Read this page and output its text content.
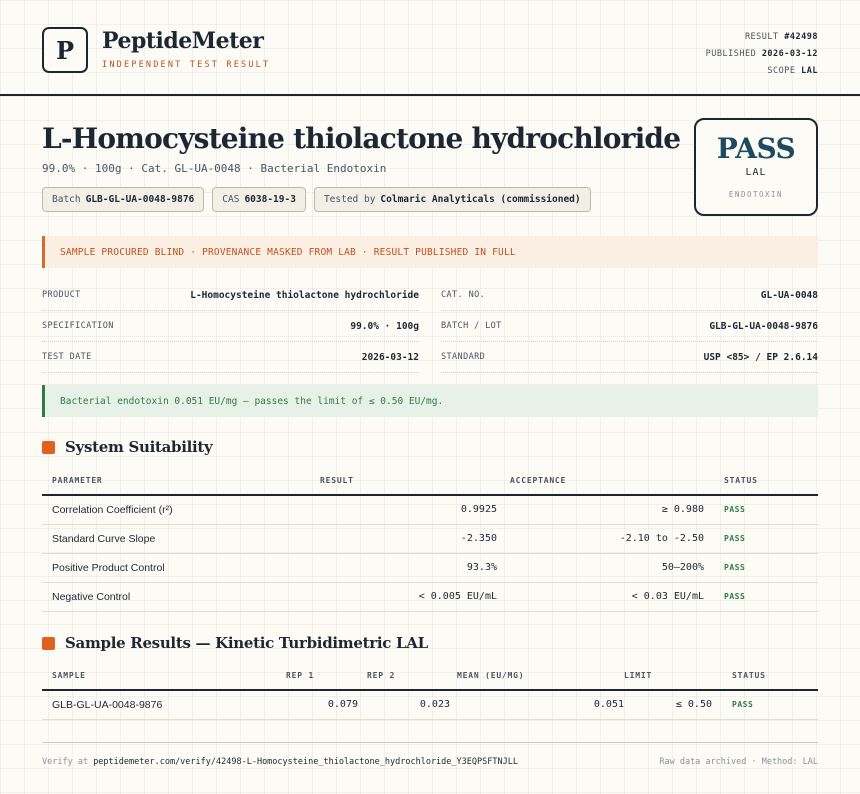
P PeptideMeter
INDEPENDENT TEST RESULT
RESULT #42498
PUBLISHED 2026-03-12
SCOPE LAL
L-Homocysteine thiolactone hydrochloride
99.0% · 100g · Cat. GL-UA-0048 · Bacterial Endotoxin
Batch GLB-GL-UA-0048-9876	CAS 6038-19-3	Tested by Colmaric Analyticals (commissioned)
PASS
LAL
ENDOTOXIN
SAMPLE PROCURED BLIND · PROVENANCE MASKED FROM LAB · RESULT PUBLISHED IN FULL
PRODUCT	L-Homocysteine thiolactone hydrochloride
SPECIFICATION	99.0% · 100g
TEST DATE	2026-03-12
CAT. NO.	GL-UA-0048
BATCH / LOT	GLB-GL-UA-0048-9876
STANDARD	USP <85> / EP 2.6.14
Bacterial endotoxin 0.051 EU/mg — passes the limit of ≤ 0.50 EU/mg.
System Suitability
PARAMETER	RESULT	ACCEPTANCE	STATUS
Correlation Coefficient (r²)	0.9925	≥ 0.980	PASS
Standard Curve Slope	-2.350	-2.10 to -2.50	PASS
Positive Product Control	93.3%	50–200%	PASS
Negative Control	< 0.005 EU/mL	< 0.03 EU/mL	PASS
Sample Results — Kinetic Turbidimetric LAL
SAMPLE	REP 1	REP 2	MEAN (EU/MG)	LIMIT	STATUS
GLB-GL-UA-0048-9876	0.079	0.023	0.051	≤ 0.50	PASS
Verify at peptidemeter.com/verify/42498-L-Homocysteine_thiolactone_hydrochloride_Y3EQPSFTNJLL	Raw data archived · Method: LAL
